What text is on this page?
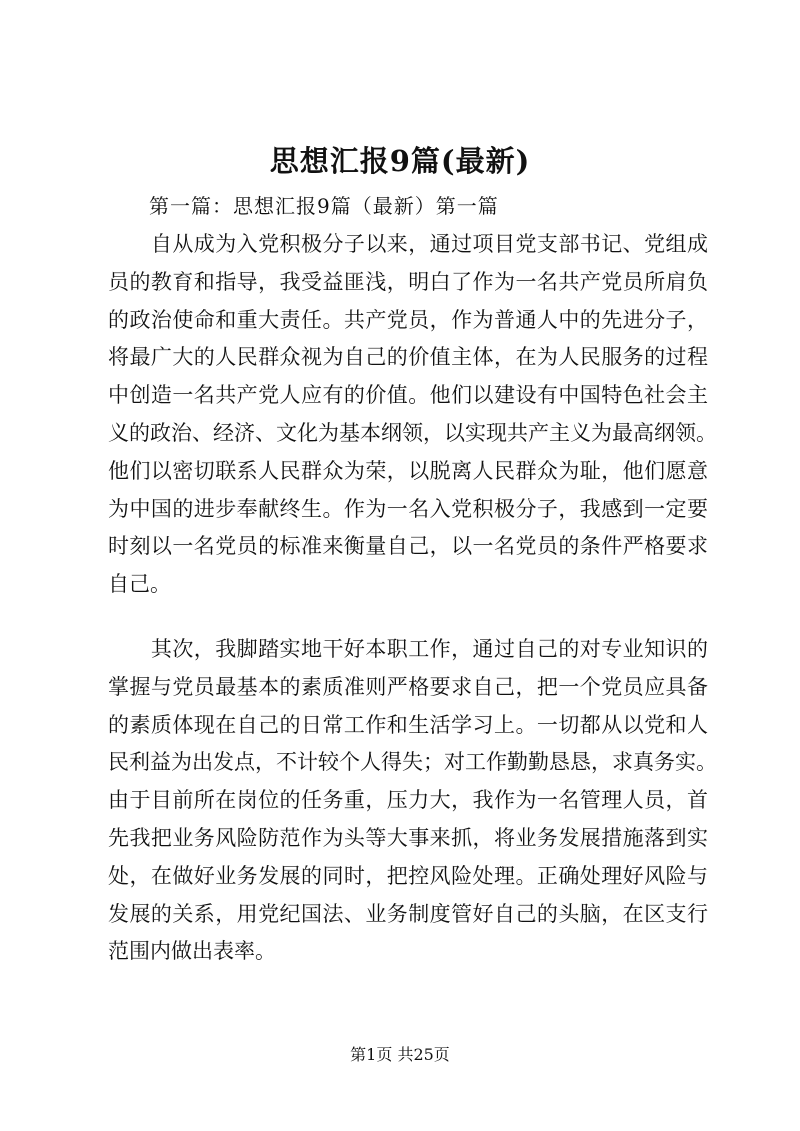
思想汇报9篇(最新)
第一篇：思想汇报9篇（最新）第一篇
　　自从成为入党积极分子以来，通过项目党支部书记、党组成
员的教育和指导，我受益匪浅，明白了作为一名共产党员所肩负
的政治使命和重大责任。共产党员，作为普通人中的先进分子，
将最广大的人民群众视为自己的价值主体，在为人民服务的过程
中创造一名共产党人应有的价值。他们以建设有中国特色社会主
义的政治、经济、文化为基本纲领，以实现共产主义为最高纲领。
他们以密切联系人民群众为荣，以脱离人民群众为耻，他们愿意
为中国的进步奉献终生。作为一名入党积极分子，我感到一定要
时刻以一名党员的标准来衡量自己，以一名党员的条件严格要求
自己。
　　其次，我脚踏实地干好本职工作，通过自己的对专业知识的
掌握与党员最基本的素质准则严格要求自己，把一个党员应具备
的素质体现在自己的日常工作和生活学习上。一切都从以党和人
民利益为出发点，不计较个人得失；对工作勤勤恳恳，求真务实。
由于目前所在岗位的任务重，压力大，我作为一名管理人员，首
先我把业务风险防范作为头等大事来抓，将业务发展措施落到实
处，在做好业务发展的同时，把控风险处理。正确处理好风险与
发展的关系，用党纪国法、业务制度管好自己的头脑，在区支行
范围内做出表率。
第1页 共25页
